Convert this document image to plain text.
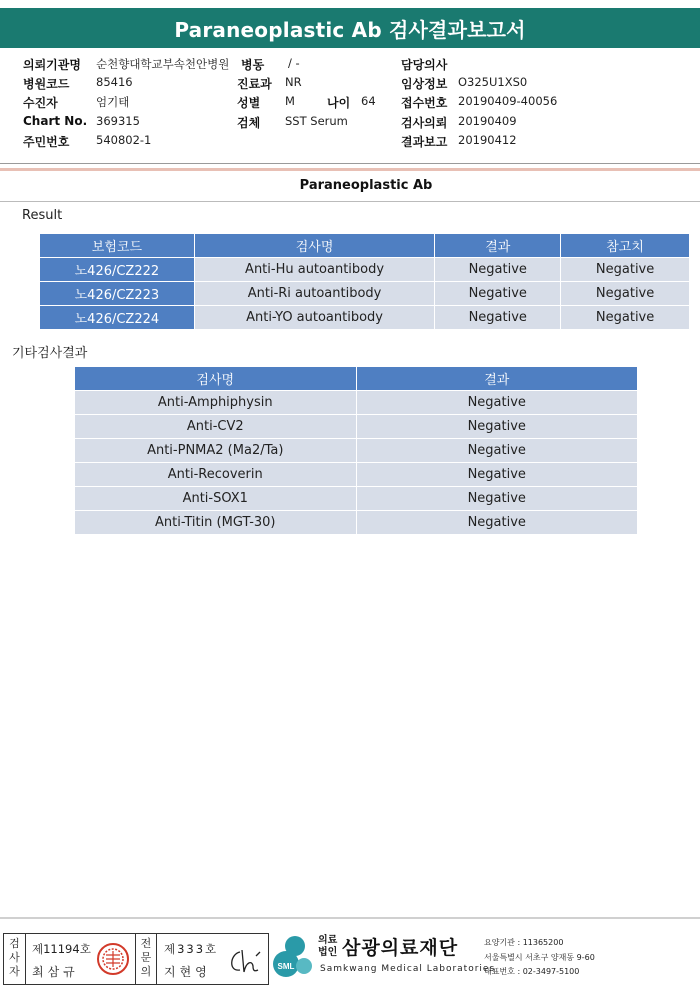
Paraneoplastic Ab 검사결과보고서
의뢰기관명 순천향대학교부속천안병원 병동 / -	담당의사
병원코드 85416	진료과 NR	임상정보 O325U1XS0
수진자	엄기태	성별 M	나이 64 접수번호 20190409-40056
Chart No. 369315	검체 SST Serum	검사의뢰 20190409
주민번호 540802-1	결과보고 20190412
Paraneoplastic Ab
Result
보험코드	검사명	결과	참고치
노426/CZ222	Anti-Hu autoantibody	Negative	Negative
노426/CZ223	Anti-Ri autoantibody	Negative	Negative
노426/CZ224	Anti-YO autoantibody	Negative	Negative
기타검사결과
검사명	결과
Anti-Amphiphysin	Negative
Anti-CV2	Negative
Anti-PNMA2 (Ma2/Ta)	Negative
Anti-Recoverin	Negative
Anti-SOX1	Negative
Anti-Titin (MGT-30)	Negative
검사자
제11194호
최삼규
전문의
제333호
지현영	SML
의료법인 삼광의료재단
Samkwang Medical Laboratories
요양기관 : 11365200
서울특별시 서초구 양재동 9-60
대표번호 : 02-3497-5100
